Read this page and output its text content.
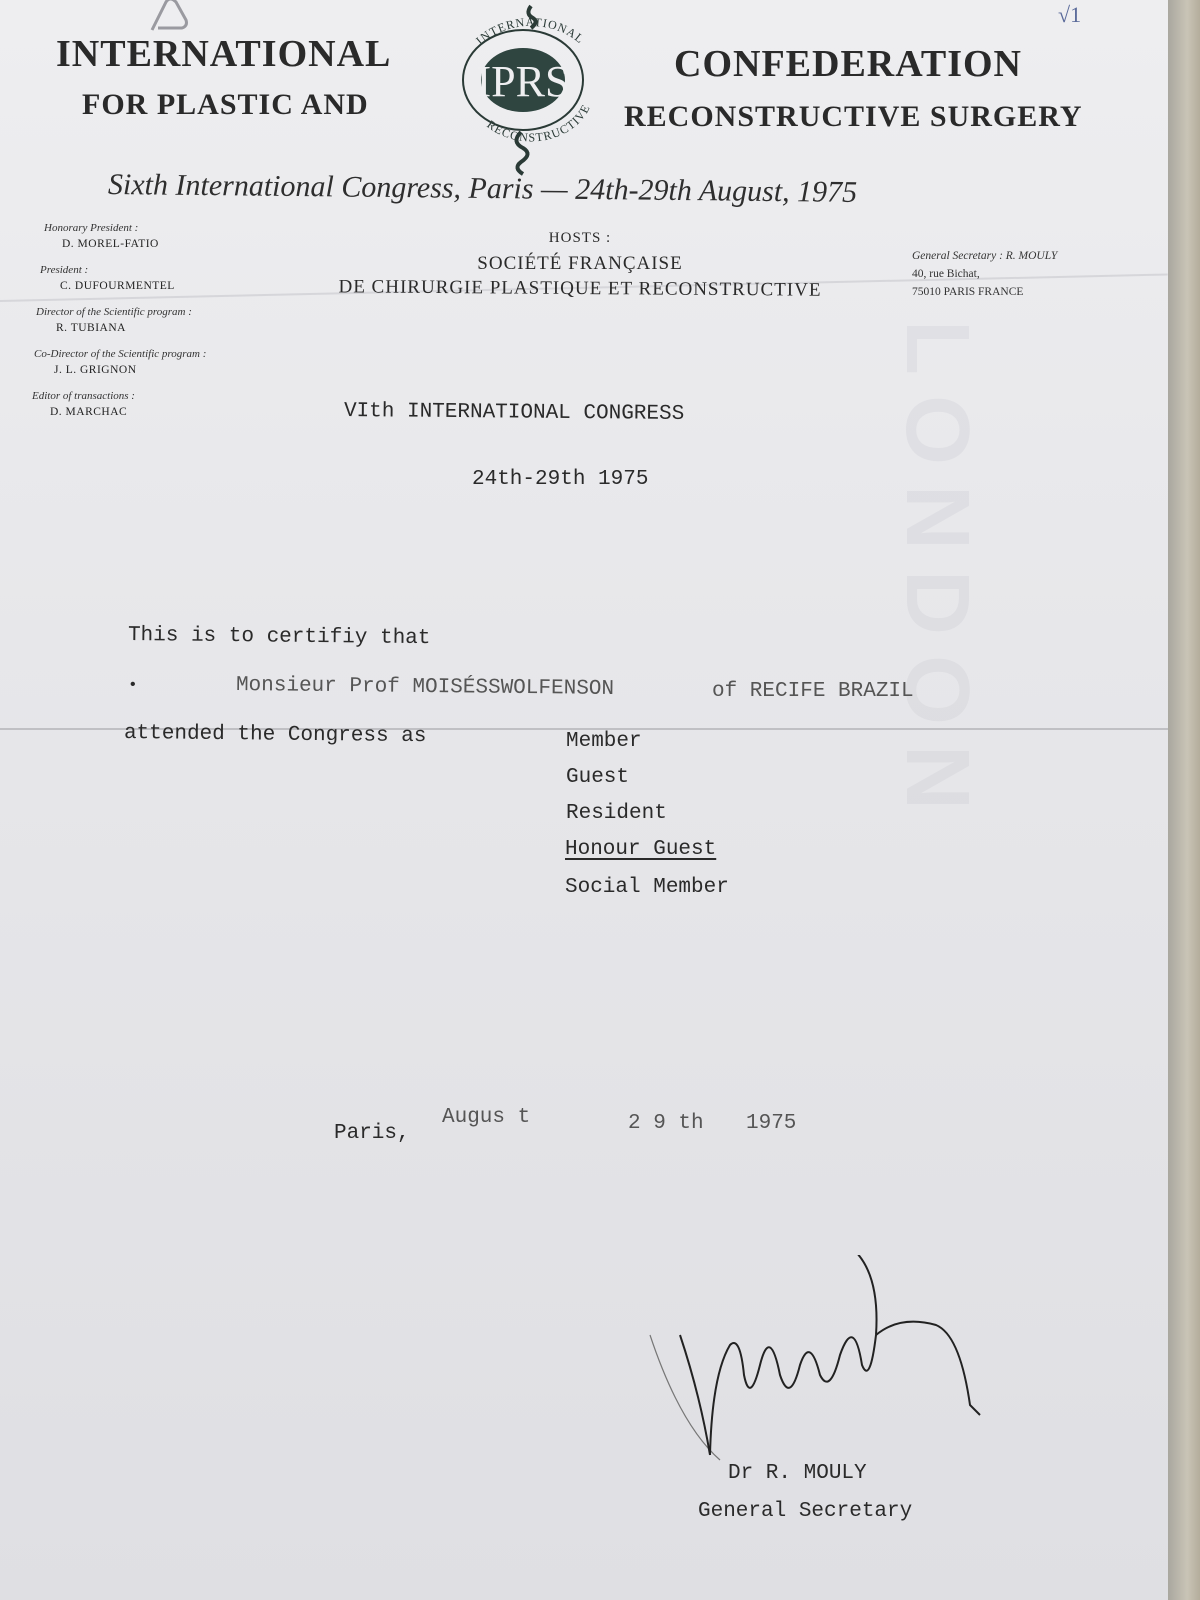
LONDON
INTERNATIONAL
FOR PLASTIC AND
CONFEDERATION
RECONSTRUCTIVE SURGERY
IPRS
INTERNATIONAL
RECONSTRUCTIVE
Sixth International Congress, Paris — 24th-29th August, 1975
√1
Honorary President :
D. MOREL-FATIO
President :
C. DUFOURMENTEL
Director of the Scientific program :
R. TUBIANA
Co-Director of the Scientific program :
J. L. GRIGNON
Editor of transactions :
D. MARCHAC
HOSTS :
SOCIÉTÉ FRANÇAISE
DE CHIRURGIE PLASTIQUE ET RECONSTRUCTIVE
General Secretary : R. MOULY
40, rue Bichat,
75010 PARIS FRANCE
VIth INTERNATIONAL CONGRESS
24th-29th 1975
This is to certifiy that
•	Monsieur Prof MOISÉSSWOLFENSON	of RECIFE BRAZIL
attended the Congress as	Member
Guest
Resident
Honour Guest
Social Member
Paris,
Augus t	2 9 th 1975
Dr R. MOULY
General Secretary
